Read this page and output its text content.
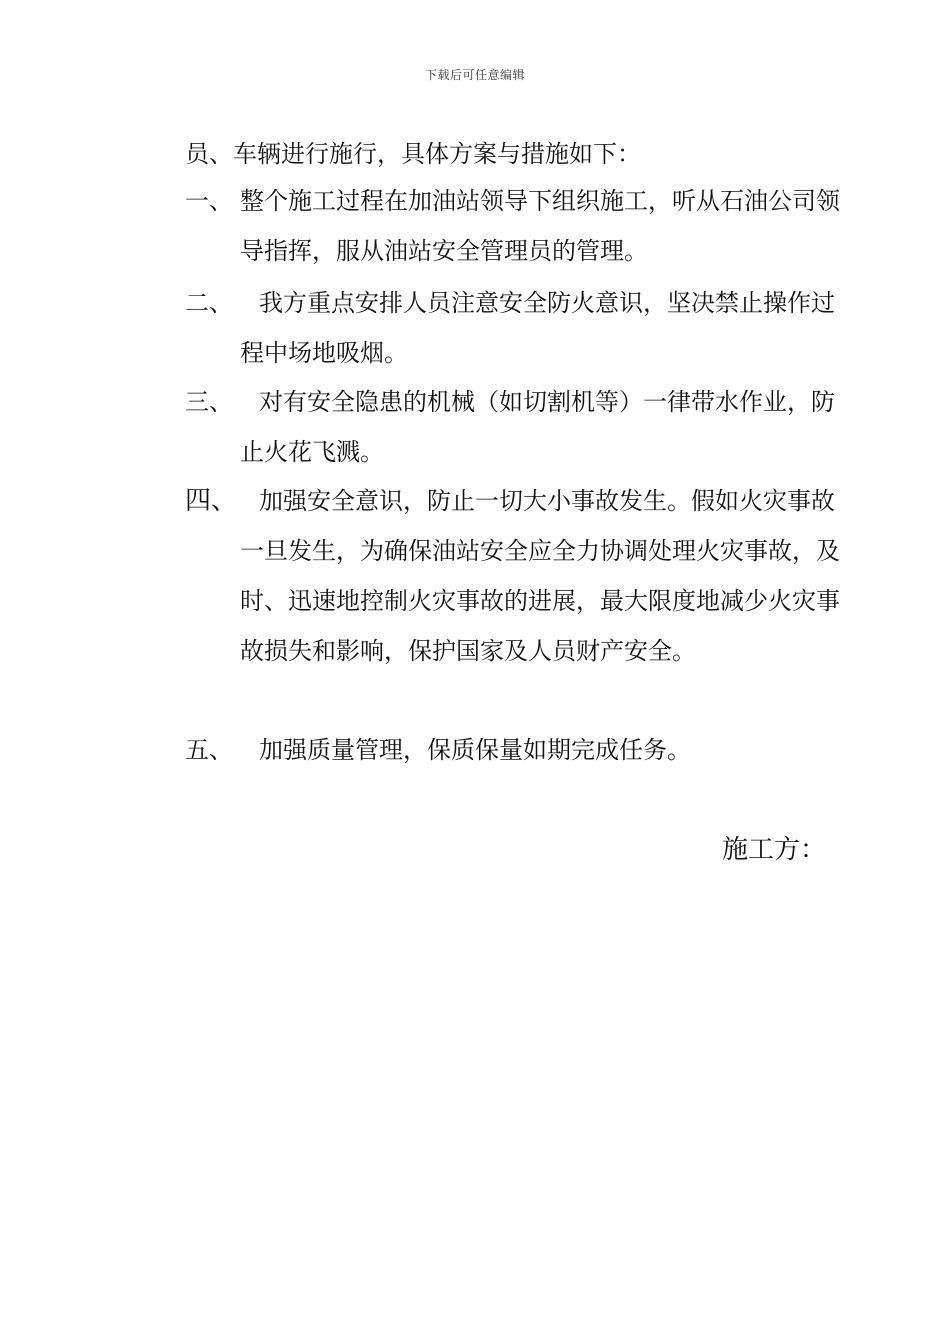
下载后可任意编辑
员、车辆进行施行，具体方案与措施如下：
一、 整个施工过程在加油站领导下组织施工，听从石油公司领导指挥，服从油站安全管理员的管理。
二、	我方重点安排人员注意安全防火意识，坚决禁止操作过程中场地吸烟。
三、	对有安全隐患的机械（如切割机等）一律带水作业，防止火花飞溅。
四、 加强安全意识，防止一切大小事故发生。假如火灾事故一旦发生，为确保油站安全应全力协调处理火灾事故，及时、迅速地控制火灾事故的进展，最大限度地减少火灾事故损失和影响，保护国家及人员财产安全。
五、	加强质量管理，保质保量如期完成任务。
施工方：
